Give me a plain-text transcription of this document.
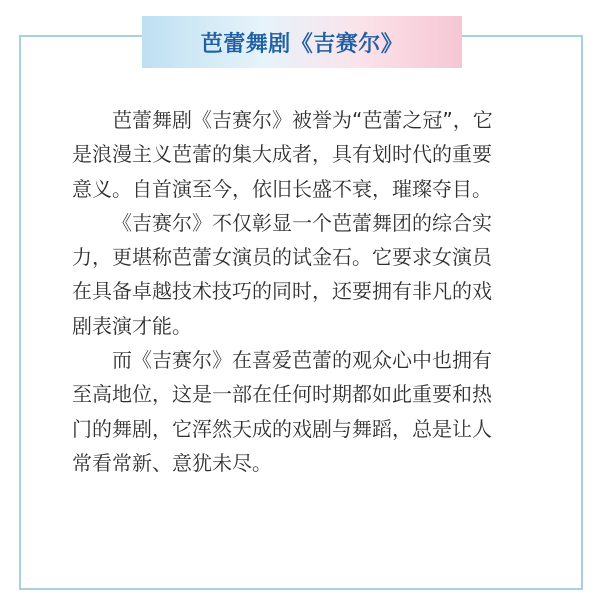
芭蕾舞剧《吉赛尔》
芭蕾舞剧《吉赛尔》被誉为“芭蕾之冠”，它
是浪漫主义芭蕾的集大成者，具有划时代的重要
意义。自首演至今，依旧长盛不衰，璀璨夺目。
《吉赛尔》不仅彰显一个芭蕾舞团的综合实
力，更堪称芭蕾女演员的试金石。它要求女演员
在具备卓越技术技巧的同时，还要拥有非凡的戏
剧表演才能。
而《吉赛尔》在喜爱芭蕾的观众心中也拥有
至高地位，这是一部在任何时期都如此重要和热
门的舞剧，它浑然天成的戏剧与舞蹈，总是让人
常看常新、意犹未尽。
